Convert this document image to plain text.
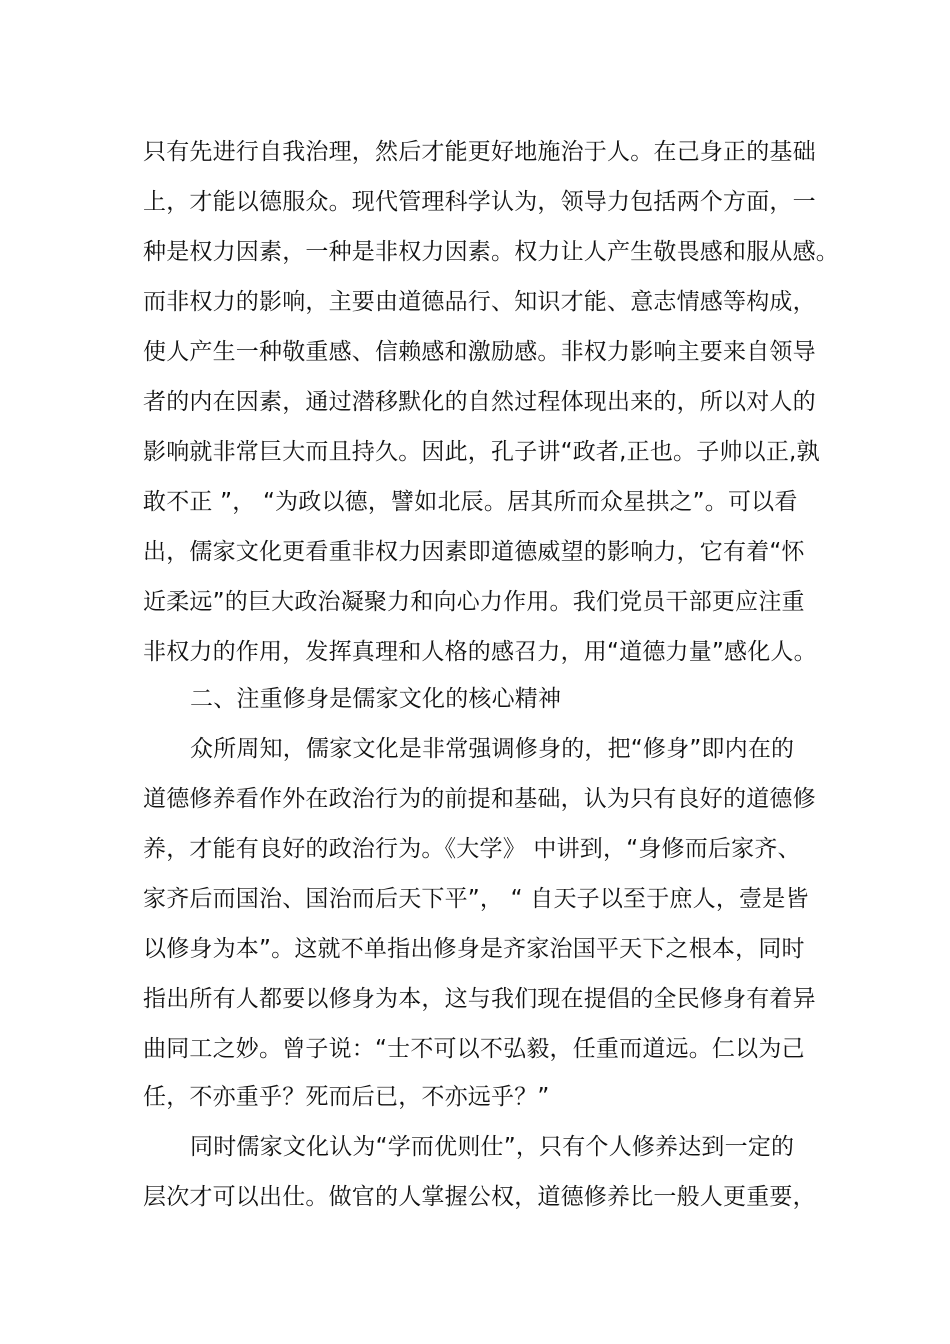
只有先进行自我治理，然后才能更好地施治于人。在己身正的基础
上，才能以德服众。现代管理科学认为，领导力包括两个方面，一
种是权力因素，一种是非权力因素。权力让人产生敬畏感和服从感。
而非权力的影响，主要由道德品行、知识才能、意志情感等构成，
使人产生一种敬重感、信赖感和激励感。非权力影响主要来自领导
者的内在因素，通过潜移默化的自然过程体现出来的，所以对人的
影响就非常巨大而且持久。因此，孔子讲“政者,正也。子帅以正,孰
敢不正 ”， “为政以德，譬如北辰。居其所而众星拱之”。可以看
出，儒家文化更看重非权力因素即道德威望的影响力，它有着“怀
近柔远”的巨大政治凝聚力和向心力作用。我们党员干部更应注重
非权力的作用，发挥真理和人格的感召力，用“道德力量”感化人。
二、注重修身是儒家文化的核心精神
众所周知，儒家文化是非常强调修身的，把“修身”即内在的
道德修养看作外在政治行为的前提和基础，认为只有良好的道德修
养，才能有良好的政治行为。《大学》 中讲到，“身修而后家齐、
家齐后而国治、国治而后天下平”， “ 自天子以至于庶人，壹是皆
以修身为本”。这就不单指出修身是齐家治国平天下之根本，同时
指出所有人都要以修身为本，这与我们现在提倡的全民修身有着异
曲同工之妙。曾子说：“士不可以不弘毅，任重而道远。仁以为己
任，不亦重乎？死而后已，不亦远乎？”
同时儒家文化认为“学而优则仕”，只有个人修养达到一定的
层次才可以出仕。做官的人掌握公权，道德修养比一般人更重要，
